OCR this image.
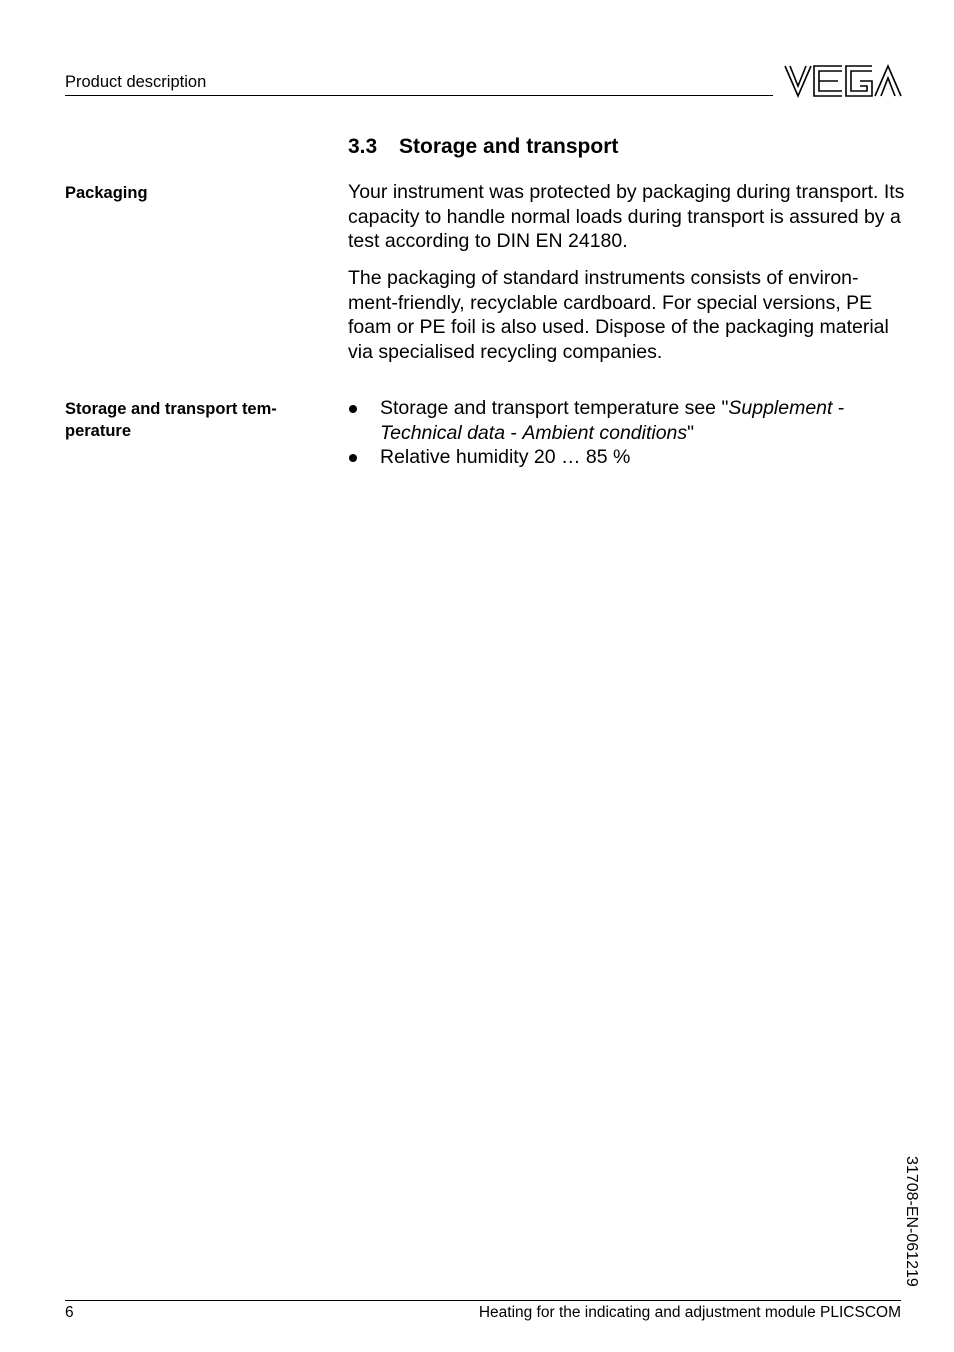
Product description
3.3 Storage and transport
Packaging	Your instrument was protected by packaging during transport. Its capacity to handle normal loads during transport is assured by a test according to DIN EN 24180.

The packaging of standard instruments consists of environ-ment-friendly, recyclable cardboard. For special versions, PE foam or PE foil is also used. Dispose of the packaging material via specialised recycling companies.

Storage and transport tem-perature
Storage and transport temperature see "Supplement - Technical data - Ambient conditions"
Relative humidity 20 … 85 %
31708-EN-061219
6	Heating for the indicating and adjustment module PLICSCOM
